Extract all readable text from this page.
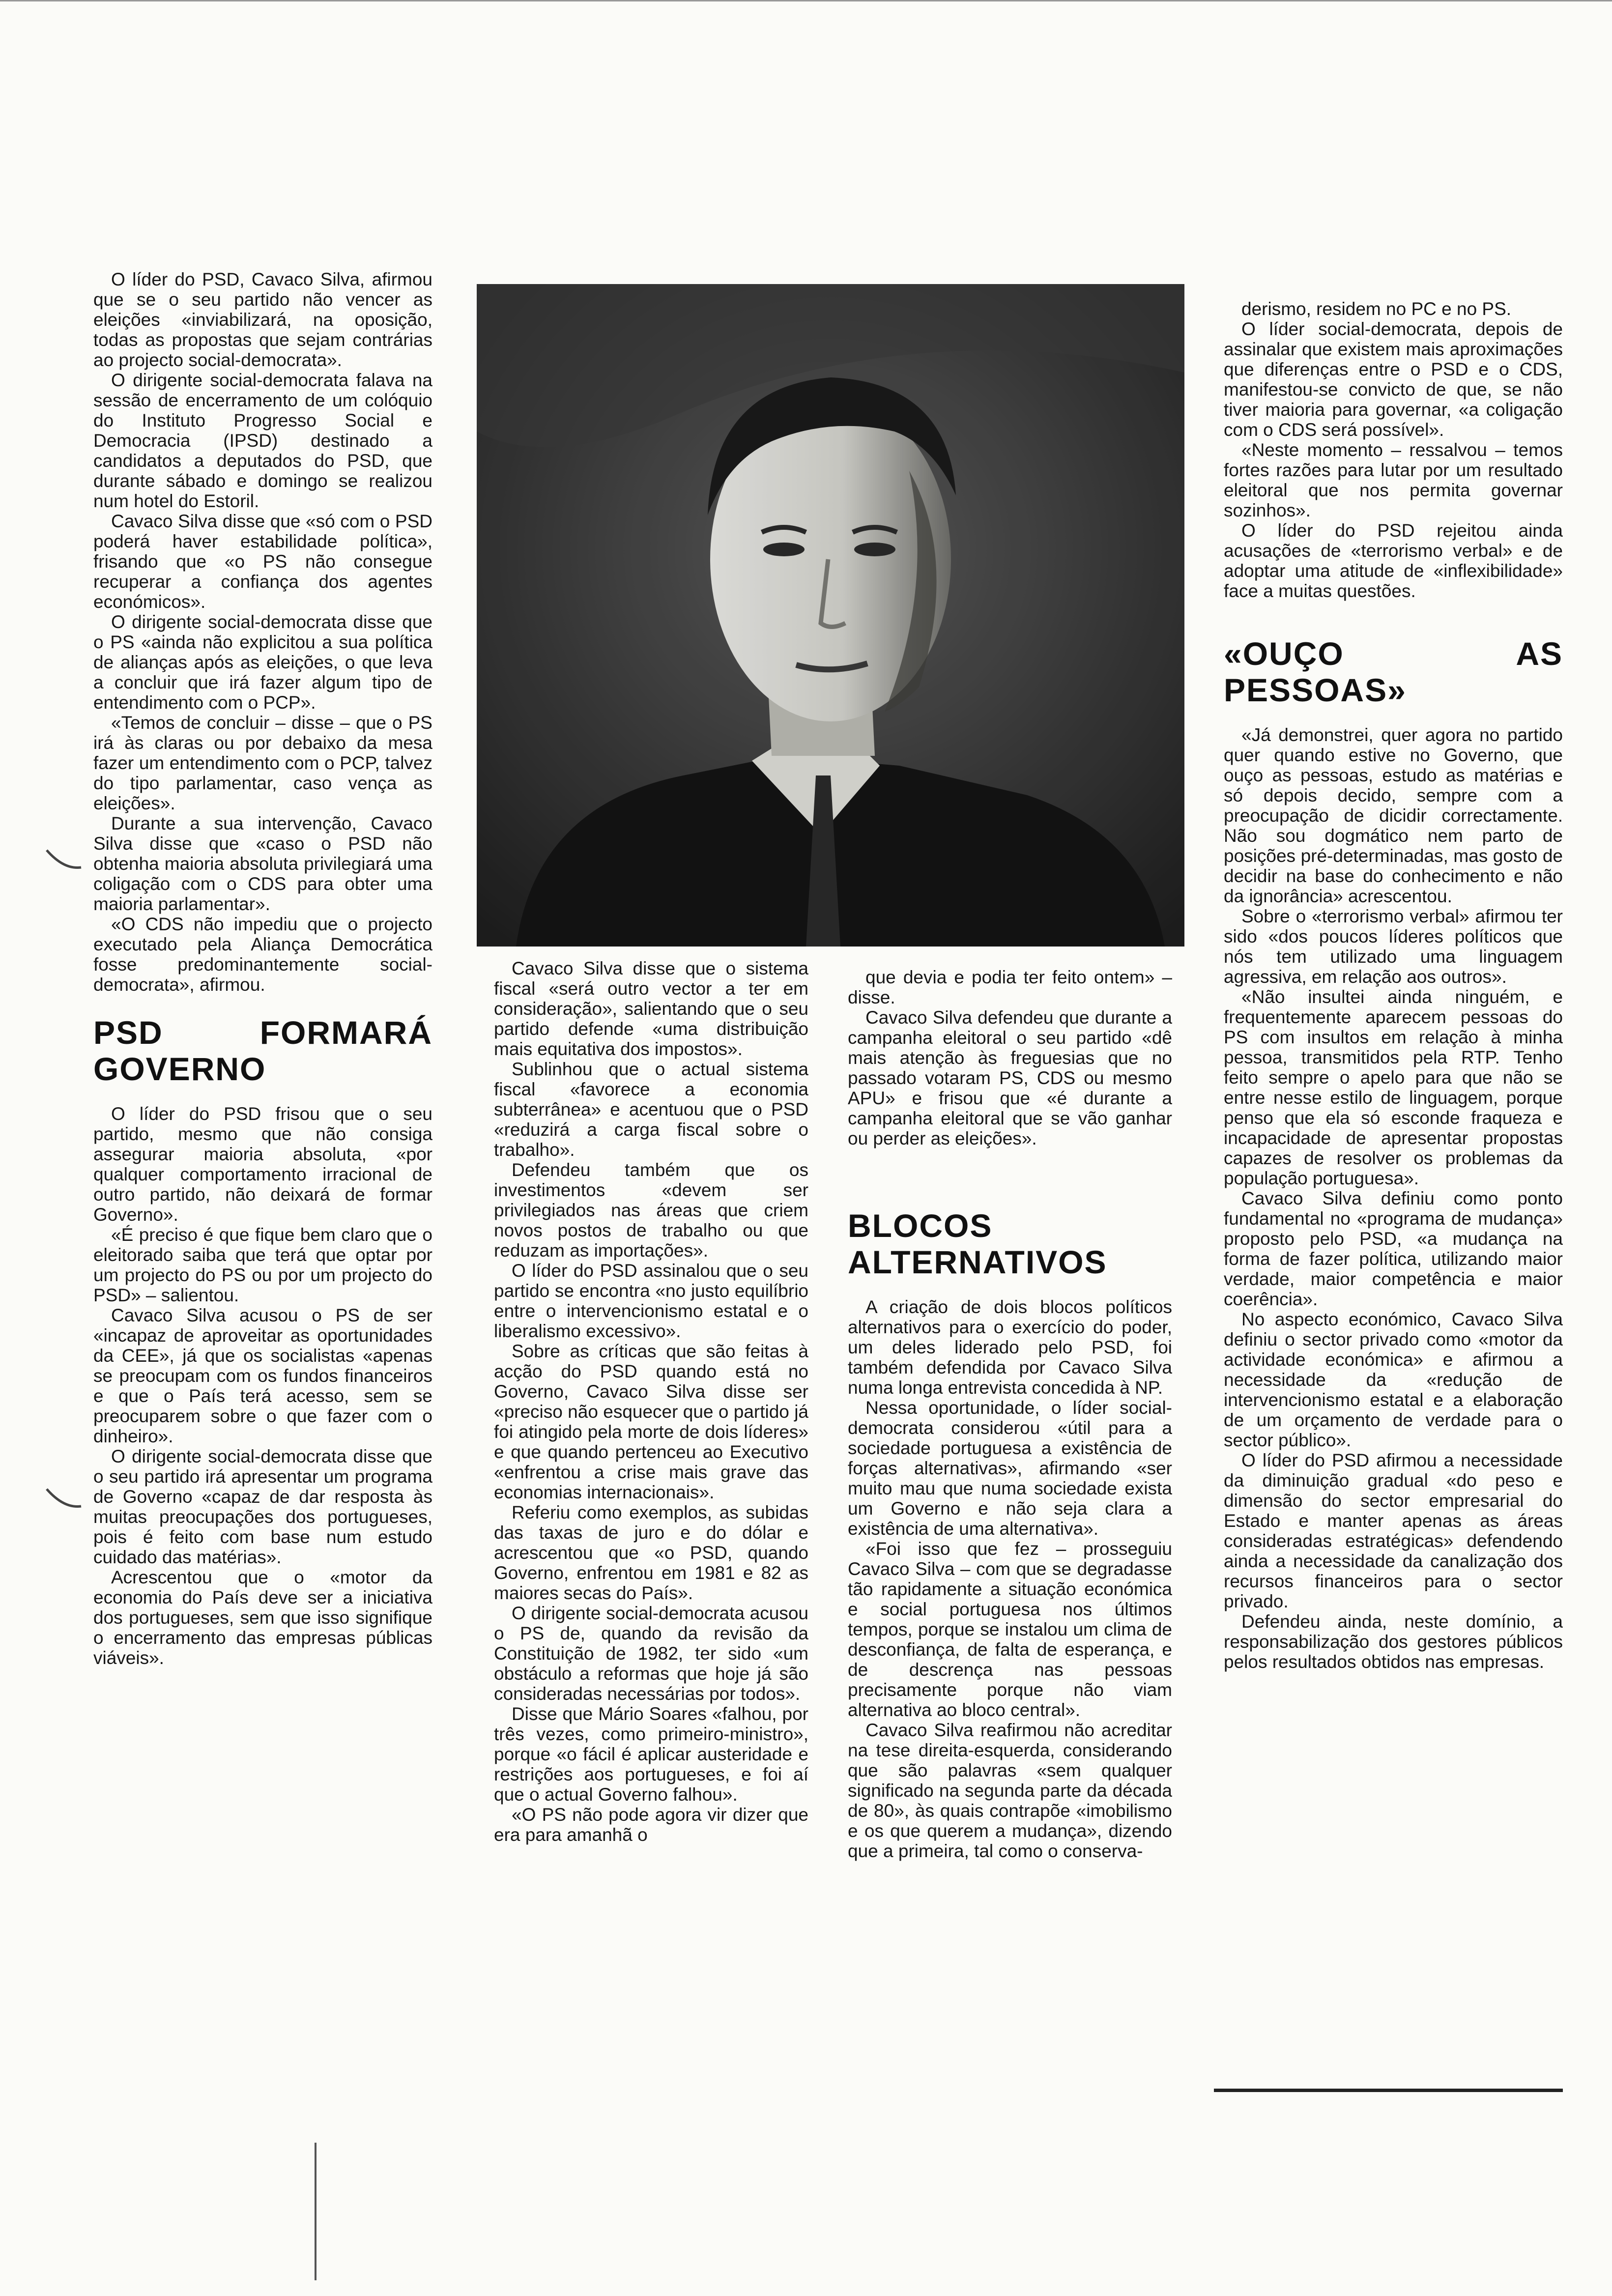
O líder do PSD, Cavaco Silva, afirmou que se o seu partido não vencer as eleições «inviabilizará, na oposição, todas as propostas que sejam contrárias ao projecto social-democrata».

O dirigente social-democrata falava na sessão de encerramento de um colóquio do Instituto Progresso Social e Democracia (IPSD) destinado a candidatos a deputados do PSD, que durante sábado e domingo se realizou num hotel do Estoril.

Cavaco Silva disse que «só com o PSD poderá haver estabilidade política», frisando que «o PS não consegue recuperar a confiança dos agentes económicos».

O dirigente social-democrata disse que o PS «ainda não explicitou a sua política de alianças após as eleições, o que leva a concluir que irá fazer algum tipo de entendimento com o PCP».

«Temos de concluir – disse – que o PS irá às claras ou por debaixo da mesa fazer um entendimento com o PCP, talvez do tipo parlamentar, caso vença as eleições».

Durante a sua intervenção, Cavaco Silva disse que «caso o PSD não obtenha maioria absoluta privilegiará uma coligação com o CDS para obter uma maioria parlamentar».

«O CDS não impediu que o projecto executado pela Aliança Democrática fosse predominantemente social-democrata», afirmou.

PSD FORMARÁ GOVERNO

O líder do PSD frisou que o seu partido, mesmo que não consiga assegurar maioria absoluta, «por qualquer comportamento irracional de outro partido, não deixará de formar Governo».

«É preciso é que fique bem claro que o eleitorado saiba que terá que optar por um projecto do PS ou por um projecto do PSD» – salientou.

Cavaco Silva acusou o PS de ser «incapaz de aproveitar as oportunidades da CEE», já que os socialistas «apenas se preocupam com os fundos financeiros e que o País terá acesso, sem se preocuparem sobre o que fazer com o dinheiro».

O dirigente social-democrata disse que o seu partido irá apresentar um programa de Governo «capaz de dar resposta às muitas preocupações dos portugueses, pois é feito com base num estudo cuidado das matérias».

Acrescentou que o «motor da economia do País deve ser a iniciativa dos portugueses, sem que isso signifique o encerramento das empresas públicas viáveis».

Cavaco Silva disse que o sistema fiscal «será outro vector a ter em consideração», salientando que o seu partido defende «uma distribuição mais equitativa dos impostos».

Sublinhou que o actual sistema fiscal «favorece a economia subterrânea» e acentuou que o PSD «reduzirá a carga fiscal sobre o trabalho».

Defendeu também que os investimentos «devem ser privilegiados nas áreas que criem novos postos de trabalho ou que reduzam as importações».

O líder do PSD assinalou que o seu partido se encontra «no justo equilíbrio entre o intervencionismo estatal e o liberalismo excessivo».

Sobre as críticas que são feitas à acção do PSD quando está no Governo, Cavaco Silva disse ser «preciso não esquecer que o partido já foi atingido pela morte de dois líderes» e que quando pertenceu ao Executivo «enfrentou a crise mais grave das economias internacionais».

Referiu como exemplos, as subidas das taxas de juro e do dólar e acrescentou que «o PSD, quando Governo, enfrentou em 1981 e 82 as maiores secas do País».

O dirigente social-democrata acusou o PS de, quando da revisão da Constituição de 1982, ter sido «um obstáculo a reformas que hoje já são consideradas necessárias por todos».

Disse que Mário Soares «falhou, por três vezes, como primeiro-ministro», porque «o fácil é aplicar austeridade e restrições aos portugueses, e foi aí que o actual Governo falhou».

«O PS não pode agora vir dizer que era para amanhã o

que devia e podia ter feito ontem» – disse.

Cavaco Silva defendeu que durante a campanha eleitoral o seu partido «dê mais atenção às freguesias que no passado votaram PS, CDS ou mesmo APU» e frisou que «é durante a campanha eleitoral que se vão ganhar ou perder as eleições».

BLOCOS ALTERNATIVOS

A criação de dois blocos políticos alternativos para o exercício do poder, um deles liderado pelo PSD, foi também defendida por Cavaco Silva numa longa entrevista concedida à NP.

Nessa oportunidade, o líder social-democrata considerou «útil para a sociedade portuguesa a existência de forças alternativas», afirmando «ser muito mau que numa sociedade exista um Governo e não seja clara a existência de uma alternativa».

«Foi isso que fez – prosseguiu Cavaco Silva – com que se degradasse tão rapidamente a situação económica e social portuguesa nos últimos tempos, porque se instalou um clima de desconfiança, de falta de esperança, e de descrença nas pessoas precisamente porque não viam alternativa ao bloco central».

Cavaco Silva reafirmou não acreditar na tese direita-esquerda, considerando que são palavras «sem qualquer significado na segunda parte da década de 80», às quais contrapõe «imobilismo e os que querem a mudança», dizendo que a primeira, tal como o conserva-

derismo, residem no PC e no PS.

O líder social-democrata, depois de assinalar que existem mais aproximações que diferenças entre o PSD e o CDS, manifestou-se convicto de que, se não tiver maioria para governar, «a coligação com o CDS será possível».

«Neste momento – ressalvou – temos fortes razões para lutar por um resultado eleitoral que nos permita governar sozinhos».

O líder do PSD rejeitou ainda acusações de «terrorismo verbal» e de adoptar uma atitude de «inflexibilidade» face a muitas questões.

«OUÇO AS PESSOAS»

«Já demonstrei, quer agora no partido quer quando estive no Governo, que ouço as pessoas, estudo as matérias e só depois decido, sempre com a preocupação de dicidir correctamente. Não sou dogmático nem parto de posições pré-determinadas, mas gosto de decidir na base do conhecimento e não da ignorância» acrescentou.

Sobre o «terrorismo verbal» afirmou ter sido «dos poucos líderes políticos que nós tem utilizado uma linguagem agressiva, em relação aos outros».

«Não insultei ainda ninguém, e frequentemente aparecem pessoas do PS com insultos em relação à minha pessoa, transmitidos pela RTP. Tenho feito sempre o apelo para que não se entre nesse estilo de linguagem, porque penso que ela só esconde fraqueza e incapacidade de apresentar propostas capazes de resolver os problemas da população portuguesa».

Cavaco Silva definiu como ponto fundamental no «programa de mudança» proposto pelo PSD, «a mudança na forma de fazer política, utilizando maior verdade, maior competência e maior coerência».

No aspecto económico, Cavaco Silva definiu o sector privado como «motor da actividade económica» e afirmou a necessidade da «redução de intervencionismo estatal e a elaboração de um orçamento de verdade para o sector público».

O líder do PSD afirmou a necessidade da diminuição gradual «do peso e dimensão do sector empresarial do Estado e manter apenas as áreas consideradas estratégicas» defendendo ainda a necessidade da canalização dos recursos financeiros para o sector privado.

Defendeu ainda, neste domínio, a responsabilização dos gestores públicos pelos resultados obtidos nas empresas.
